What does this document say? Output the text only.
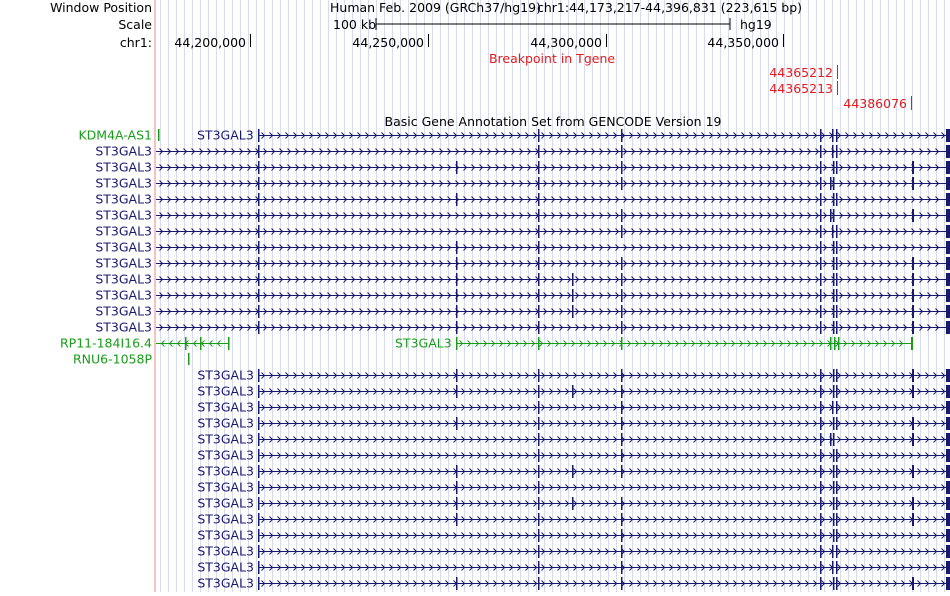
Window Position
Scale
chr1:
Human Feb. 2009 (GRCh37/hg19)
chr1:44,173,217-44,396,831 (223,615 bp)
100 kb	hg19
44,200,000	44,250,000	44,300,000	44,350,000
Breakpoint in Tgene
44365212
44365213
44386076
Basic Gene Annotation Set from GENCODE Version 19
KDM4A-AS1
ST3GAL3
ST3GAL3
ST3GAL3
ST3GAL3
ST3GAL3
ST3GAL3
ST3GAL3
ST3GAL3
ST3GAL3
ST3GAL3
ST3GAL3
ST3GAL3
RP11-184I16.4
RNU6-1058P
ST3GAL3
ST3GAL3
ST3GAL3
ST3GAL3
ST3GAL3
ST3GAL3
ST3GAL3
ST3GAL3
ST3GAL3
ST3GAL3
ST3GAL3
ST3GAL3
ST3GAL3
ST3GAL3
ST3GAL3
ST3GAL3
